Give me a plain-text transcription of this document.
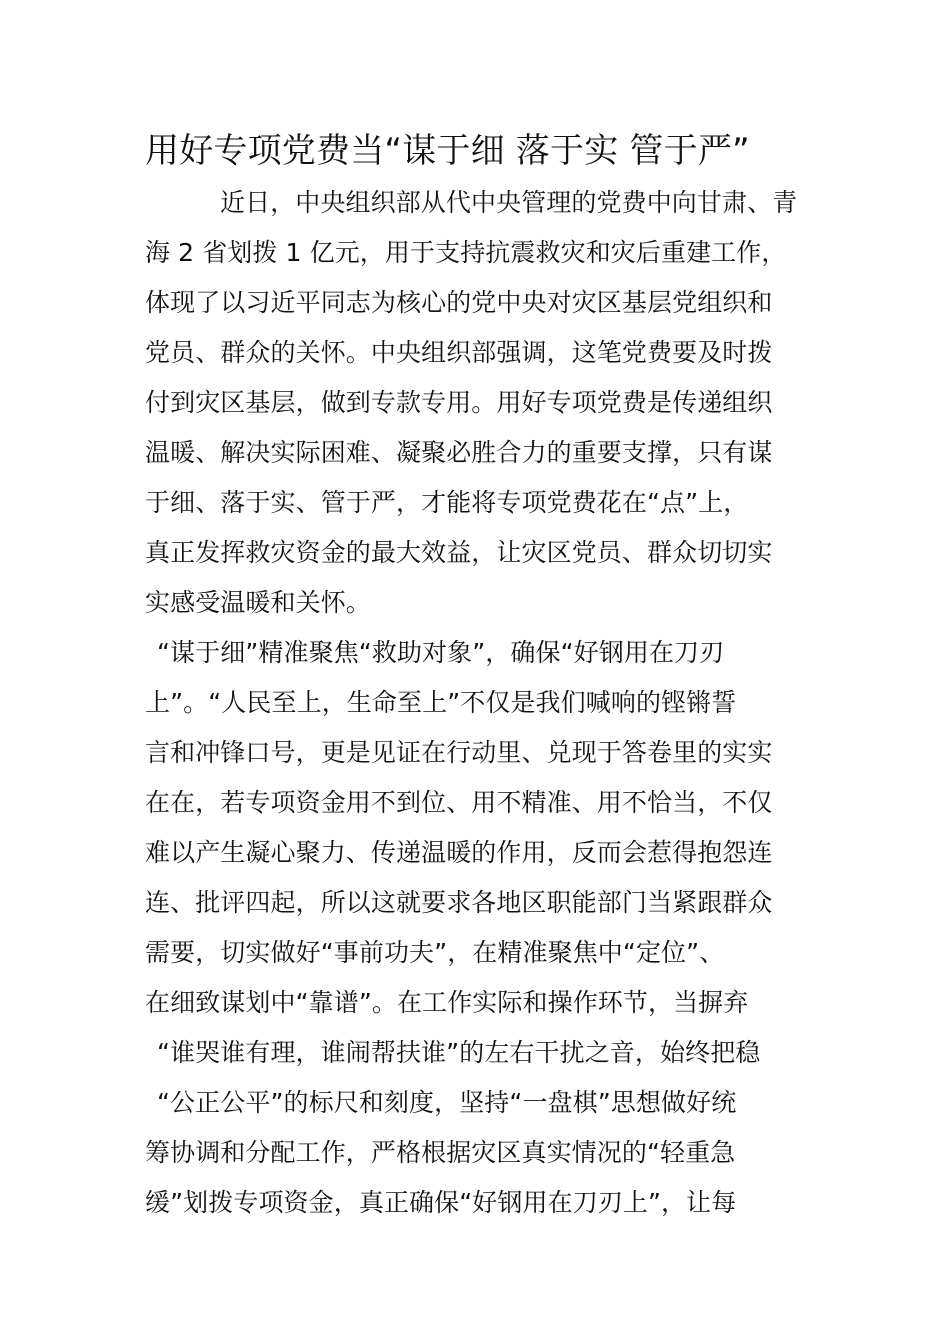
用好专项党费当“谋于细 落于实 管于严”
近日，中央组织部从代中央管理的党费中向甘肃、青
海 2 省划拨 1 亿元，用于支持抗震救灾和灾后重建工作，
体现了以习近平同志为核心的党中央对灾区基层党组织和
党员、群众的关怀。中央组织部强调，这笔党费要及时拨
付到灾区基层，做到专款专用。用好专项党费是传递组织
温暖、解决实际困难、凝聚必胜合力的重要支撑，只有谋
于细、落于实、管于严，才能将专项党费花在“点”上，
真正发挥救灾资金的最大效益，让灾区党员、群众切切实
实感受温暖和关怀。
“谋于细”精准聚焦“救助对象”，确保“好钢用在刀刃
上”。“人民至上，生命至上”不仅是我们喊响的铿锵誓
言和冲锋口号，更是见证在行动里、兑现于答卷里的实实
在在，若专项资金用不到位、用不精准、用不恰当，不仅
难以产生凝心聚力、传递温暖的作用，反而会惹得抱怨连
连、批评四起，所以这就要求各地区职能部门当紧跟群众
需要，切实做好“事前功夫”，在精准聚焦中“定位”、
在细致谋划中“靠谱”。在工作实际和操作环节，当摒弃
“谁哭谁有理，谁闹帮扶谁”的左右干扰之音，始终把稳
“公正公平”的标尺和刻度，坚持“一盘棋”思想做好统
筹协调和分配工作，严格根据灾区真实情况的“轻重急
缓”划拨专项资金，真正确保“好钢用在刀刃上”，让每
